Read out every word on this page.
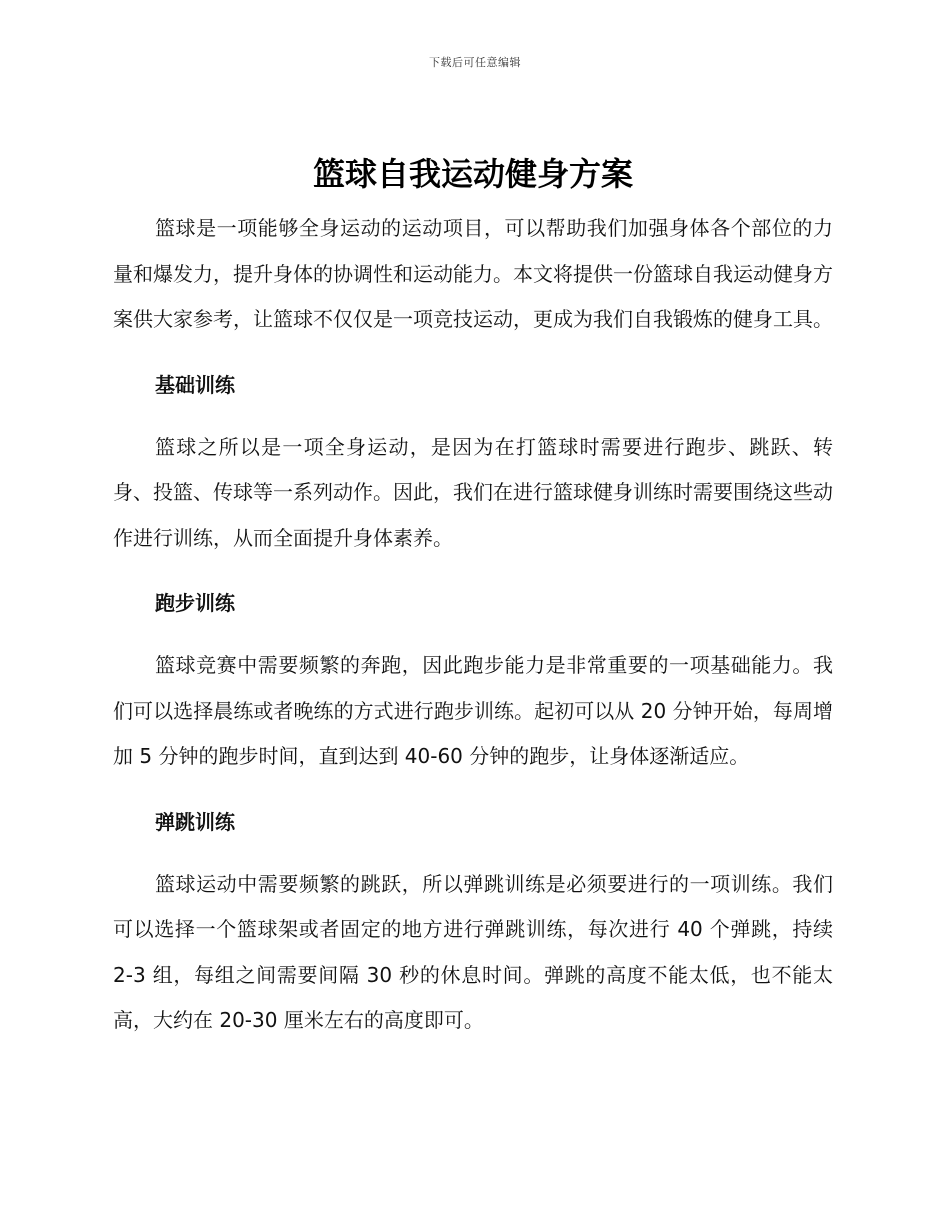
下载后可任意编辑
篮球自我运动健身方案

篮球是一项能够全身运动的运动项目，可以帮助我们加强身体各个部位的力量和爆发力，提升身体的协调性和运动能力。本文将提供一份篮球自我运动健身方案供大家参考，让篮球不仅仅是一项竞技运动，更成为我们自我锻炼的健身工具。

基础训练

篮球之所以是一项全身运动，是因为在打篮球时需要进行跑步、跳跃、转身、投篮、传球等一系列动作。因此，我们在进行篮球健身训练时需要围绕这些动作进行训练，从而全面提升身体素养。

跑步训练

篮球竞赛中需要频繁的奔跑，因此跑步能力是非常重要的一项基础能力。我们可以选择晨练或者晚练的方式进行跑步训练。起初可以从 20 分钟开始，每周增加 5 分钟的跑步时间，直到达到 40-60 分钟的跑步，让身体逐渐适应。

弹跳训练

篮球运动中需要频繁的跳跃，所以弹跳训练是必须要进行的一项训练。我们可以选择一个篮球架或者固定的地方进行弹跳训练，每次进行 40 个弹跳，持续 2-3 组，每组之间需要间隔 30 秒的休息时间。弹跳的高度不能太低，也不能太高，大约在 20-30 厘米左右的高度即可。
